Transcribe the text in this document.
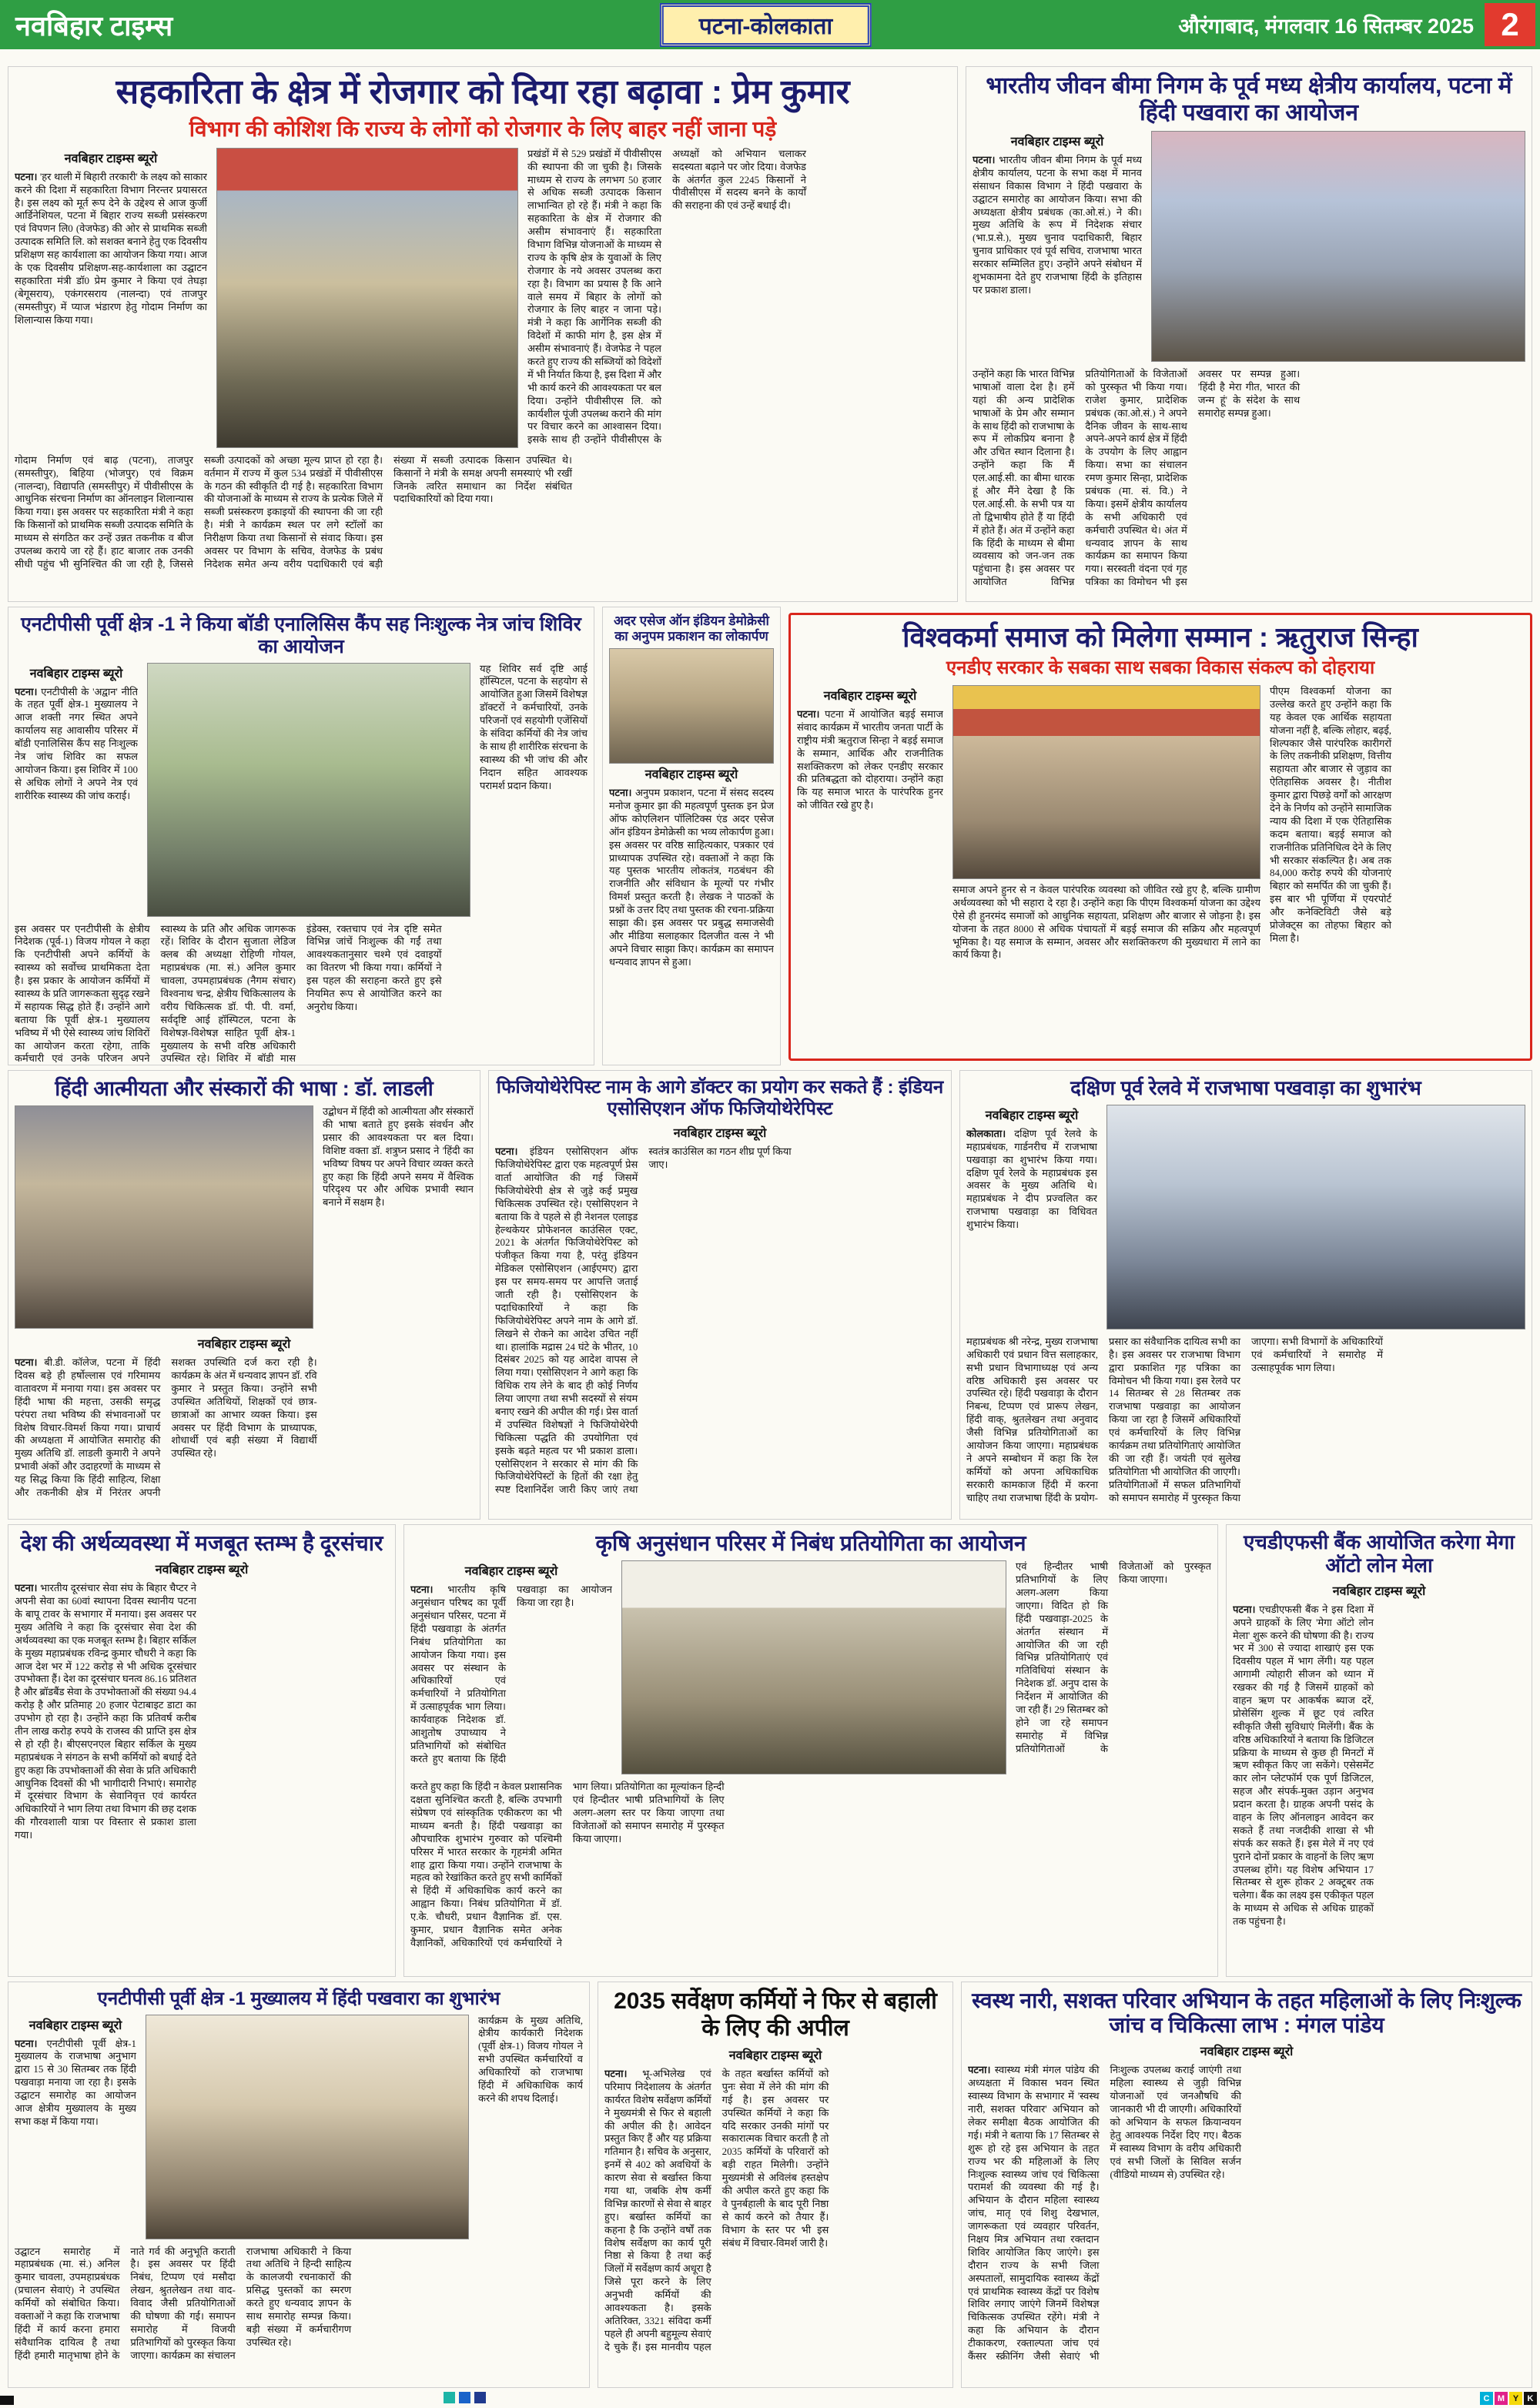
नवबिहार टाइम्स	पटना-कोलकाता	औरंगाबाद, मंगलवार 16 सितम्बर 2025 2
सहकारिता के क्षेत्र में रोजगार को दिया रहा बढ़ावा : प्रेम कुमार
विभाग की कोशिश कि राज्य के लोगों को रोजगार के लिए बाहर नहीं जाना पड़े
नवबिहार टाइम्स ब्यूरो

पटना। 'हर थाली में बिहारी तरकारी' के लक्ष्य को साकार करने की दिशा में सहकारिता विभाग निरन्तर प्रयासरत है। इस लक्ष्य को मूर्त रूप देने के उद्देश्य से आज कुर्जी आर्डिनेशियल, पटना में बिहार राज्य सब्जी प्रसंस्करण एवं विपणन लि0 (वेजफेड) की ओर से प्राथमिक सब्जी उत्पादक समिति लि. को सशक्त बनाने हेतु एक दिवसीय प्रशिक्षण सह कार्यशाला का आयोजन किया गया। आज के एक दिवसीय प्रशिक्षण-सह-कार्यशाला का उद्घाटन सहकारिता मंत्री डॉ0 प्रेम कुमार ने किया एवं तेघड़ा (बेगूसराय), एकंगरसराय (नालन्दा) एवं ताजपुर (समस्तीपुर) में प्याज भंडारण हेतु गोदाम निर्माण का शिलान्यास किया गया।

प्रखंडों में से 529 प्रखंडों में पीवीसीएस की स्थापना की जा चुकी है। जिसके माध्यम से राज्य के लगभग 50 हजार से अधिक सब्जी उत्पादक किसान लाभान्वित हो रहे हैं। मंत्री ने कहा कि सहकारिता के क्षेत्र में रोजगार की असीम संभावनाएं हैं। सहकारिता विभाग विभिन्न योजनाओं के माध्यम से राज्य के कृषि क्षेत्र के युवाओं के लिए रोजगार के नये अवसर उपलब्ध करा रहा है। विभाग का प्रयास है कि आने वाले समय में बिहार के लोगों को रोजगार के लिए बाहर न जाना पड़े। मंत्री ने कहा कि आर्गेनिक सब्जी की विदेशों में काफी मांग है, इस क्षेत्र में असीम संभावनाएं हैं। वेजफेड ने पहल करते हुए राज्य की सब्जियों को विदेशों में भी निर्यात किया है, इस दिशा में और भी कार्य करने की आवश्यकता पर बल दिया। उन्होंने पीवीसीएस लि. को कार्यशील पूंजी उपलब्ध कराने की मांग पर विचार करने का आश्वासन दिया। इसके साथ ही उन्होंने पीवीसीएस के अध्यक्षों को अभियान चलाकर सदस्यता बढ़ाने पर जोर दिया। वेजफेड के अंतर्गत कुल 2245 किसानों ने पीवीसीएस में सदस्य बनने के कार्यों की सराहना की एवं उन्हें बधाई दी।
गोदाम निर्माण एवं बाढ़ (पटना), ताजपुर (समस्तीपुर), बिहिया (भोजपुर) एवं विक्रम (नालन्दा), विद्यापति (समस्तीपुर) में पीवीसीएस के आधुनिक संरचना निर्माण का ऑनलाइन शिलान्यास किया गया। इस अवसर पर सहकारिता मंत्री ने कहा कि किसानों को प्राथमिक सब्जी उत्पादक समिति के माध्यम से संगठित कर उन्हें उन्नत तकनीक व बीज उपलब्ध कराये जा रहे हैं। हाट बाजार तक उनकी सीधी पहुंच भी सुनिश्चित की जा रही है, जिससे सब्जी उत्पादकों को अच्छा मूल्य प्राप्त हो रहा है। वर्तमान में राज्य में कुल 534 प्रखंडों में पीवीसीएस के गठन की स्वीकृति दी गई है। सहकारिता विभाग की योजनाओं के माध्यम से राज्य के प्रत्येक जिले में सब्जी प्रसंस्करण इकाइयों की स्थापना की जा रही है। मंत्री ने कार्यक्रम स्थल पर लगे स्टॉलों का निरीक्षण किया तथा किसानों से संवाद किया। इस अवसर पर विभाग के सचिव, वेजफेड के प्रबंध निदेशक समेत अन्य वरीय पदाधिकारी एवं बड़ी संख्या में सब्जी उत्पादक किसान उपस्थित थे। किसानों ने मंत्री के समक्ष अपनी समस्याएं भी रखीं जिनके त्वरित समाधान का निर्देश संबंधित पदाधिकारियों को दिया गया।
भारतीय जीवन बीमा निगम के पूर्व मध्य क्षेत्रीय कार्यालय, पटना में हिंदी पखवारा का आयोजन
नवबिहार टाइम्स ब्यूरो

पटना। भारतीय जीवन बीमा निगम के पूर्व मध्य क्षेत्रीय कार्यालय, पटना के सभा कक्ष में मानव संसाधन विकास विभाग ने हिंदी पखवारा के उद्घाटन समारोह का आयोजन किया। सभा की अध्यक्षता क्षेत्रीय प्रबंधक (का.ओ.सं.) ने की। मुख्य अतिथि के रूप में निदेशक संचार (भा.प्र.से.), मुख्य चुनाव पदाधिकारी, बिहार चुनाव प्राधिकार एवं पूर्व सचिव, राजभाषा भारत सरकार सम्मिलित हुए। उन्होंने अपने संबोधन में शुभकामना देते हुए राजभाषा हिंदी के इतिहास पर प्रकाश डाला।

उन्होंने कहा कि भारत विभिन्न भाषाओं वाला देश है। हमें यहां की अन्य प्रादेशिक भाषाओं के प्रेम और सम्मान के साथ हिंदी को राजभाषा के रूप में लोकप्रिय बनाना है और उचित स्थान दिलाना है। उन्होंने कहा कि मैं एल.आई.सी. का बीमा धारक हूं और मैंने देखा है कि एल.आई.सी. के सभी पत्र या तो द्विभाषीय होते हैं या हिंदी में होते हैं। अंत में उन्होंने कहा कि हिंदी के माध्यम से बीमा व्यवसाय को जन-जन तक पहुंचाना है। इस अवसर पर आयोजित विभिन्न प्रतियोगिताओं के विजेताओं को पुरस्कृत भी किया गया। राजेश कुमार, प्रादेशिक प्रबंधक (का.ओ.सं.) ने अपने दैनिक जीवन के साथ-साथ अपने-अपने कार्य क्षेत्र में हिंदी के उपयोग के लिए आह्वान किया। सभा का संचालन रमण कुमार सिन्हा, प्रादेशिक प्रबंधक (मा. सं. वि.) ने किया। इसमें क्षेत्रीय कार्यालय के सभी अधिकारी एवं कर्मचारी उपस्थित थे। अंत में धन्यवाद ज्ञापन के साथ कार्यक्रम का समापन किया गया। सरस्वती वंदना एवं गृह पत्रिका का विमोचन भी इस अवसर पर सम्पन्न हुआ। 'हिंदी है मेरा गीत, भारत की जन्म हूं' के संदेश के साथ समारोह सम्पन्न हुआ।
एनटीपीसी पूर्वी क्षेत्र -1 ने किया बॉडी एनालिसिस कैंप सह निःशुल्क नेत्र जांच शिविर का आयोजन
नवबिहार टाइम्स ब्यूरो

पटना। एनटीपीसी के 'अद्वान' नीति के तहत पूर्वी क्षेत्र-1 मुख्यालय ने आज शक्ती नगर स्थित अपने कार्यालय सह आवासीय परिसर में बॉडी एनालिसिस कैंप सह निःशुल्क नेत्र जांच शिविर का सफल आयोजन किया। इस शिविर में 100 से अधिक लोगों ने अपने नेत्र एवं शारीरिक स्वास्थ्य की जांच कराई।

यह शिविर सर्व दृष्टि आई हॉस्पिटल, पटना के सहयोग से आयोजित हुआ जिसमें विशेषज्ञ डॉक्टरों ने कर्मचारियों, उनके परिजनों एवं सहयोगी एजेंसियों के संविदा कर्मियों की नेत्र जांच के साथ ही शारीरिक संरचना के स्वास्थ्य की भी जांच की और निदान सहित आवश्यक परामर्श प्रदान किया।

इस अवसर पर एनटीपीसी के क्षेत्रीय निदेशक (पूर्व-1) विजय गोयल ने कहा कि एनटीपीसी अपने कर्मियों के स्वास्थ्य को सर्वोच्च प्राथमिकता देता है। इस प्रकार के आयोजन कर्मियों में स्वास्थ्य के प्रति जागरूकता सुदृढ़ रखने में सहायक सिद्ध होते हैं। उन्होंने आगे बताया कि पूर्वी क्षेत्र-1 मुख्यालय भविष्य में भी ऐसे स्वास्थ्य जांच शिविरों का आयोजन करता रहेगा, ताकि कर्मचारी एवं उनके परिजन अपने स्वास्थ्य के प्रति और अधिक जागरूक रहें। शिविर के दौरान सुजाता लेडिज क्लब की अध्यक्षा रोहिणी गोयल, महाप्रबंधक (मा. सं.) अनिल कुमार चावला, उपमहाप्रबंधक (नैगम संचार) विश्वनाथ चन्द्र, क्षेत्रीय चिकित्सालय के वरीय चिकित्सक डॉ. पी. पी. वर्मा, सर्वदृष्टि आई हॉस्पिटल, पटना के विशेषज्ञ-विशेषज्ञ साहित पूर्वी क्षेत्र-1 मुख्यालय के सभी वरिष्ठ अधिकारी उपस्थित रहे। शिविर में बॉडी मास इंडेक्स, रक्तचाप एवं नेत्र दृष्टि समेत विभिन्न जांचें निःशुल्क की गईं तथा आवश्यकतानुसार चश्मे एवं दवाइयों का वितरण भी किया गया। कर्मियों ने इस पहल की सराहना करते हुए इसे नियमित रूप से आयोजित करने का अनुरोध किया।
अदर एसेज ऑन इंडियन डेमोक्रेसी का अनुपम प्रकाशन का लोकार्पण
नवबिहार टाइम्स ब्यूरो

पटना। अनुपम प्रकाशन, पटना में संसद सदस्य मनोज कुमार झा की महत्वपूर्ण पुस्तक इन प्रेज ऑफ कोएलिशन पॉलिटिक्स एंड अदर एसेज ऑन इंडियन डेमोक्रेसी का भव्य लोकार्पण हुआ। इस अवसर पर वरिष्ठ साहित्यकार, पत्रकार एवं प्राध्यापक उपस्थित रहे। वक्ताओं ने कहा कि यह पुस्तक भारतीय लोकतंत्र, गठबंधन की राजनीति और संविधान के मूल्यों पर गंभीर विमर्श प्रस्तुत करती है। लेखक ने पाठकों के प्रश्नों के उत्तर दिए तथा पुस्तक की रचना-प्रक्रिया साझा की। इस अवसर पर प्रबुद्ध समाजसेवी और मीडिया सलाहकार दिलजीत वत्स ने भी अपने विचार साझा किए। कार्यक्रम का समापन धन्यवाद ज्ञापन से हुआ।

विश्वकर्मा समाज को मिलेगा सम्मान : ऋतुराज सिन्हा
एनडीए सरकार के सबका साथ सबका विकास संकल्प को दोहराया
नवबिहार टाइम्स ब्यूरो

पटना। पटना में आयोजित बड़ई समाज संवाद कार्यक्रम में भारतीय जनता पार्टी के राष्ट्रीय मंत्री ऋतुराज सिन्हा ने बड़ई समाज के सम्मान, आर्थिक और राजनीतिक सशक्तिकरण को लेकर एनडीए सरकार की प्रतिबद्धता को दोहराया। उन्होंने कहा कि यह समाज भारत के पारंपरिक हुनर को जीवित रखे हुए है।

समाज अपने हुनर से न केवल पारंपरिक व्यवस्था को जीवित रखे हुए है, बल्कि ग्रामीण अर्थव्यवस्था को भी सहारा दे रहा है। उन्होंने कहा कि पीएम विश्वकर्मा योजना का उद्देश्य ऐसे ही हुनरमंद समाजों को आधुनिक सहायता, प्रशिक्षण और बाजार से जोड़ना है। इस योजना के तहत 8000 से अधिक पंचायतों में बड़ई समाज की सक्रिय और महत्वपूर्ण भूमिका है। यह समाज के सम्मान, अवसर और सशक्तिकरण की मुख्यधारा में लाने का कार्य किया है।

पीएम विश्वकर्मा योजना का उल्लेख करते हुए उन्होंने कहा कि यह केवल एक आर्थिक सहायता योजना नहीं है, बल्कि लोहार, बढ़ई, शिल्पकार जैसे पारंपरिक कारीगरों के लिए तकनीकी प्रशिक्षण, वित्तीय सहायता और बाजार से जुड़ाव का ऐतिहासिक अवसर है। नीतीश कुमार द्वारा पिछड़े वर्गों को आरक्षण देने के निर्णय को उन्होंने सामाजिक न्याय की दिशा में एक ऐतिहासिक कदम बताया। बड़ई समाज को राजनीतिक प्रतिनिधित्व देने के लिए भी सरकार संकल्पित है। अब तक 84,000 करोड़ रुपये की योजनाएं बिहार को समर्पित की जा चुकी हैं। इस बार भी पूर्णिया में एयरपोर्ट और कनेक्टिविटी जैसे बड़े प्रोजेक्ट्स का तोहफा बिहार को मिला है।
हिंदी आत्मीयता और संस्कारों की भाषा : डॉ. लाडली

उद्बोधन में हिंदी को आत्मीयता और संस्कारों की भाषा बताते हुए इसके संवर्धन और प्रसार की आवश्यकता पर बल दिया। विशिष्ट वक्ता डॉ. शत्रुघ्न प्रसाद ने 'हिंदी का भविष्य' विषय पर अपने विचार व्यक्त करते हुए कहा कि हिंदी अपने समय में वैश्विक परिदृश्य पर और अधिक प्रभावी स्थान बनाने में सक्षम है।

नवबिहार टाइम्स ब्यूरो

पटना। बी.डी. कॉलेज, पटना में हिंदी दिवस बड़े ही हर्षोल्लास एवं गरिमामय वातावरण में मनाया गया। इस अवसर पर हिंदी भाषा की महत्ता, उसकी समृद्ध परंपरा तथा भविष्य की संभावनाओं पर विशेष विचार-विमर्श किया गया। प्राचार्य की अध्यक्षता में आयोजित समारोह की मुख्य अतिथि डॉ. लाडली कुमारी ने अपने प्रभावी अंकों और उदाहरणों के माध्यम से यह सिद्ध किया कि हिंदी साहित्य, शिक्षा और तकनीकी क्षेत्र में निरंतर अपनी सशक्त उपस्थिति दर्ज करा रही है। कार्यक्रम के अंत में धन्यवाद ज्ञापन डॉ. रवि कुमार ने प्रस्तुत किया। उन्होंने सभी उपस्थित अतिथियों, शिक्षकों एवं छात्र-छात्राओं का आभार व्यक्त किया। इस अवसर पर हिंदी विभाग के प्राध्यापक, शोधार्थी एवं बड़ी संख्या में विद्यार्थी उपस्थित रहे।

फिजियोथेरेपिस्ट नाम के आगे डॉक्टर का प्रयोग कर सकते हैं : इंडियन एसोसिएशन ऑफ फिजियोथेरेपिस्ट
नवबिहार टाइम्स ब्यूरो

पटना। इंडियन एसोसिएशन ऑफ फिजियोथेरेपिस्ट द्वारा एक महत्वपूर्ण प्रेस वार्ता आयोजित की गई जिसमें फिजियोथेरेपी क्षेत्र से जुड़े कई प्रमुख चिकित्सक उपस्थित रहे। एसोसिएशन ने बताया कि वे पहले से ही नेशनल एलाइड हेल्थकेयर प्रोफेशनल काउंसिल एक्ट, 2021 के अंतर्गत फिजियोथेरेपिस्ट को पंजीकृत किया गया है, परंतु इंडियन मेडिकल एसोसिएशन (आईएमए) द्वारा इस पर समय-समय पर आपत्ति जताई जाती रही है। एसोसिएशन के पदाधिकारियों ने कहा कि फिजियोथेरेपिस्ट अपने नाम के आगे डॉ. लिखने से रोकने का आदेश उचित नहीं था। हालांकि मद्रास 24 घंटे के भीतर, 10 दिसंबर 2025 को यह आदेश वापस ले लिया गया। एसोसिएशन ने आगे कहा कि विधिक राय लेने के बाद ही कोई निर्णय लिया जाएगा तथा सभी सदस्यों से संयम बनाए रखने की अपील की गई। प्रेस वार्ता में उपस्थित विशेषज्ञों ने फिजियोथेरेपी चिकित्सा पद्धति की उपयोगिता एवं इसके बढ़ते महत्व पर भी प्रकाश डाला। एसोसिएशन ने सरकार से मांग की कि फिजियोथेरेपिस्टों के हितों की रक्षा हेतु स्पष्ट दिशानिर्देश जारी किए जाएं तथा स्वतंत्र काउंसिल का गठन शीघ्र पूर्ण किया जाए।

दक्षिण पूर्व रेलवे में राजभाषा पखवाड़ा का शुभारंभ
नवबिहार टाइम्स ब्यूरो

कोलकाता। दक्षिण पूर्व रेलवे के महाप्रबंधक, गार्डनरीच में राजभाषा पखवाड़ा का शुभारंभ किया गया। दक्षिण पूर्व रेलवे के महाप्रबंधक इस अवसर के मुख्य अतिथि थे। महाप्रबंधक ने दीप प्रज्वलित कर राजभाषा पखवाड़ा का विधिवत शुभारंभ किया।

महाप्रबंधक श्री नरेन्द्र, मुख्य राजभाषा अधिकारी एवं प्रधान वित्त सलाहकार, सभी प्रधान विभागाध्यक्ष एवं अन्य वरिष्ठ अधिकारी इस अवसर पर उपस्थित रहे। हिंदी पखवाड़ा के दौरान निबन्ध, टिप्पण एवं प्रारूप लेखन, हिंदी वाक्, श्रुतलेखन तथा अनुवाद जैसी विभिन्न प्रतियोगिताओं का आयोजन किया जाएगा। महाप्रबंधक ने अपने सम्बोधन में कहा कि रेल कर्मियों को अपना अधिकाधिक सरकारी कामकाज हिंदी में करना चाहिए तथा राजभाषा हिंदी के प्रयोग-प्रसार का संवैधानिक दायित्व सभी का है। इस अवसर पर राजभाषा विभाग द्वारा प्रकाशित गृह पत्रिका का विमोचन भी किया गया। इस रेलवे पर 14 सितम्बर से 28 सितम्बर तक राजभाषा पखवाड़ा का आयोजन किया जा रहा है जिसमें अधिकारियों एवं कर्मचारियों के लिए विभिन्न कार्यक्रम तथा प्रतियोगिताएं आयोजित की जा रही हैं। जयंती एवं सुलेख प्रतियोगिता भी आयोजित की जाएगी। प्रतियोगिताओं में सफल प्रतिभागियों को समापन समारोह में पुरस्कृत किया जाएगा। सभी विभागों के अधिकारियों एवं कर्मचारियों ने समारोह में उत्साहपूर्वक भाग लिया।
देश की अर्थव्यवस्था में मजबूत स्तम्भ है दूरसंचार
नवबिहार टाइम्स ब्यूरो

पटना। भारतीय दूरसंचार सेवा संघ के बिहार चैप्टर ने अपनी सेवा का 60वां स्थापना दिवस स्थानीय पटना के बापू टावर के सभागार में मनाया। इस अवसर पर मुख्य अतिथि ने कहा कि दूरसंचार सेवा देश की अर्थव्यवस्था का एक मजबूत स्तम्भ है। बिहार सर्किल के मुख्य महाप्रबंधक रविन्द्र कुमार चौधरी ने कहा कि आज देश भर में 122 करोड़ से भी अधिक दूरसंचार उपभोक्ता हैं। देश का दूरसंचार घनत्व 86.16 प्रतिशत है और ब्रॉडबैंड सेवा के उपभोक्ताओं की संख्या 94.4 करोड़ है और प्रतिमाह 20 हजार पेटाबाइट डाटा का उपभोग हो रहा है। उन्होंने कहा कि प्रतिवर्ष करीब तीन लाख करोड़ रुपये के राजस्व की प्राप्ति इस क्षेत्र से हो रही है। बीएसएनएल बिहार सर्किल के मुख्य महाप्रबंधक ने संगठन के सभी कर्मियों को बधाई देते हुए कहा कि उपभोक्ताओं की सेवा के प्रति अधिकारी आधुनिक दिवसों की भी भागीदारी निभाएं। समारोह में दूरसंचार विभाग के सेवानिवृत्त एवं कार्यरत अधिकारियों ने भाग लिया तथा विभाग की छह दशक की गौरवशाली यात्रा पर विस्तार से प्रकाश डाला गया।

कृषि अनुसंधान परिसर में निबंध प्रतियोगिता का आयोजन
नवबिहार टाइम्स ब्यूरो

पटना। भारतीय कृषि अनुसंधान परिषद का पूर्वी अनुसंधान परिसर, पटना में हिंदी पखवाड़ा के अंतर्गत निबंध प्रतियोगिता का आयोजन किया गया। इस अवसर पर संस्थान के अधिकारियों एवं कर्मचारियों ने प्रतियोगिता में उत्साहपूर्वक भाग लिया। कार्यवाहक निदेशक डॉ. आशुतोष उपाध्याय ने प्रतिभागियों को संबोधित करते हुए बताया कि हिंदी पखवाड़ा का आयोजन किया जा रहा है।

एवं हिन्दीतर भाषी प्रतिभागियों के लिए अलग-अलग किया जाएगा। विदित हो कि हिंदी पखवाड़ा-2025 के अंतर्गत संस्थान में आयोजित की जा रही विभिन्न प्रतियोगिताएं एवं गतिविधियां संस्थान के निदेशक डॉ. अनुप दास के निर्देशन में आयोजित की जा रही हैं। 29 सितम्बर को होने जा रहे समापन समारोह में विभिन्न प्रतियोगिताओं के विजेताओं को पुरस्कृत किया जाएगा।
करते हुए कहा कि हिंदी न केवल प्रशासनिक दक्षता सुनिश्चित करती है, बल्कि उपभागी संप्रेषण एवं सांस्कृतिक एकीकरण का भी माध्यम बनती है। हिंदी पखवाड़ा का औपचारिक शुभारंभ गुरुवार को पश्चिमी परिसर में भारत सरकार के गृहमंत्री अमित शाह द्वारा किया गया। उन्होंने राजभाषा के महत्व को रेखांकित करते हुए सभी कार्मिकों से हिंदी में अधिकाधिक कार्य करने का आह्वान किया। निबंध प्रतियोगिता में डॉ. ए.के. चौधरी, प्रधान वैज्ञानिक डॉ. एस. कुमार, प्रधान वैज्ञानिक समेत अनेक वैज्ञानिकों, अधिकारियों एवं कर्मचारियों ने भाग लिया। प्रतियोगिता का मूल्यांकन हिन्दी एवं हिन्दीतर भाषी प्रतिभागियों के लिए अलग-अलग स्तर पर किया जाएगा तथा विजेताओं को समापन समारोह में पुरस्कृत किया जाएगा।
एचडीएफसी बैंक आयोजित करेगा मेगा ऑटो लोन मेला
नवबिहार टाइम्स ब्यूरो

पटना। एचडीएफसी बैंक ने इस दिशा में अपने ग्राहकों के लिए 'मेगा ऑटो लोन मेला' शुरू करने की घोषणा की है। राज्य भर में 300 से ज्यादा शाखाएं इस एक दिवसीय पहल में भाग लेंगी। यह पहल आगामी त्योहारी सीजन को ध्यान में रखकर की गई है जिसमें ग्राहकों को वाहन ऋण पर आकर्षक ब्याज दरें, प्रोसेसिंग शुल्क में छूट एवं त्वरित स्वीकृति जैसी सुविधाएं मिलेंगी। बैंक के वरिष्ठ अधिकारियों ने बताया कि डिजिटल प्रक्रिया के माध्यम से कुछ ही मिनटों में ऋण स्वीकृत किए जा सकेंगे। एसेसमेंट कार लोन प्लेटफॉर्म एक पूर्ण डिजिटल, सहज और संपर्क-मुक्त उड़ान अनुभव प्रदान करता है। ग्राहक अपनी पसंद के वाहन के लिए ऑनलाइन आवेदन कर सकते हैं तथा नजदीकी शाखा से भी संपर्क कर सकते हैं। इस मेले में नए एवं पुराने दोनों प्रकार के वाहनों के लिए ऋण उपलब्ध होंगे। यह विशेष अभियान 17 सितम्बर से शुरू होकर 2 अक्टूबर तक चलेगा। बैंक का लक्ष्य इस एकीकृत पहल के माध्यम से अधिक से अधिक ग्राहकों तक पहुंचना है।

एनटीपीसी पूर्वी क्षेत्र -1 मुख्यालय में हिंदी पखवारा का शुभारंभ
नवबिहार टाइम्स ब्यूरो

पटना। एनटीपीसी पूर्वी क्षेत्र-1 मुख्यालय के राजभाषा अनुभाग द्वारा 15 से 30 सितम्बर तक हिंदी पखवाड़ा मनाया जा रहा है। इसके उद्घाटन समारोह का आयोजन आज क्षेत्रीय मुख्यालय के मुख्य सभा कक्ष में किया गया।

कार्यक्रम के मुख्य अतिथि, क्षेत्रीय कार्यकारी निदेशक (पूर्वी क्षेत्र-1) विजय गोयल ने सभी उपस्थित कर्मचारियों व अधिकारियों को राजभाषा हिंदी में अधिकाधिक कार्य करने की शपथ दिलाई।

उद्घाटन समारोह में महाप्रबंधक (मा. सं.) अनिल कुमार चावला, उपमहाप्रबंधक (प्रचालन सेवाएं) ने उपस्थित कर्मियों को संबोधित किया। वक्ताओं ने कहा कि राजभाषा हिंदी में कार्य करना हमारा संवैधानिक दायित्व है तथा हिंदी हमारी मातृभाषा होने के नाते गर्व की अनुभूति कराती है। इस अवसर पर हिंदी निबंध, टिप्पण एवं मसौदा लेखन, श्रुतलेखन तथा वाद-विवाद जैसी प्रतियोगिताओं की घोषणा की गई। समापन समारोह में विजयी प्रतिभागियों को पुरस्कृत किया जाएगा। कार्यक्रम का संचालन राजभाषा अधिकारी ने किया तथा अतिथि ने हिन्दी साहित्य के कालजयी रचनाकारों की प्रसिद्ध पुस्तकों का स्मरण करते हुए धन्यवाद ज्ञापन के साथ समारोह सम्पन्न किया। बड़ी संख्या में कर्मचारीगण उपस्थित रहे।
2035 सर्वेक्षण कर्मियों ने फिर से बहाली के लिए की अपील
नवबिहार टाइम्स ब्यूरो

पटना। भू-अभिलेख एवं परिमाप निदेशालय के अंतर्गत कार्यरत विशेष सर्वेक्षण कर्मियों ने मुख्यमंत्री से फिर से बहाली की अपील की है। आवेदन प्रस्तुत किए हैं और यह प्रक्रिया गतिमान है। सचिव के अनुसार, इनमें से 402 को अवधियों के कारण सेवा से बर्खास्त किया गया था, जबकि शेष कर्मी विभिन्न कारणों से सेवा से बाहर हुए। बर्खास्त कर्मियों का कहना है कि उन्होंने वर्षों तक विशेष सर्वेक्षण का कार्य पूरी निष्ठा से किया है तथा कई जिलों में सर्वेक्षण कार्य अधूरा है जिसे पूरा करने के लिए अनुभवी कर्मियों की आवश्यकता है। इसके अतिरिक्त, 3321 संविदा कर्मी पहले ही अपनी बहुमूल्य सेवाएं दे चुके हैं। इस मानवीय पहल के तहत बर्खास्त कर्मियों को पुनः सेवा में लेने की मांग की गई है। इस अवसर पर उपस्थित कर्मियों ने कहा कि यदि सरकार उनकी मांगों पर सकारात्मक विचार करती है तो 2035 कर्मियों के परिवारों को बड़ी राहत मिलेगी। उन्होंने मुख्यमंत्री से अविलंब हस्तक्षेप की अपील करते हुए कहा कि वे पुनर्बहाली के बाद पूरी निष्ठा से कार्य करने को तैयार हैं। विभाग के स्तर पर भी इस संबंध में विचार-विमर्श जारी है।

स्वस्थ नारी, सशक्त परिवार अभियान के तहत महिलाओं के लिए निःशुल्क जांच व चिकित्सा लाभ : मंगल पांडेय
नवबिहार टाइम्स ब्यूरो

पटना। स्वास्थ्य मंत्री मंगल पांडेय की अध्यक्षता में विकास भवन स्थित स्वास्थ्य विभाग के सभागार में 'स्वस्थ नारी, सशक्त परिवार' अभियान को लेकर समीक्षा बैठक आयोजित की गई। मंत्री ने बताया कि 17 सितम्बर से शुरू हो रहे इस अभियान के तहत राज्य भर की महिलाओं के लिए निःशुल्क स्वास्थ्य जांच एवं चिकित्सा परामर्श की व्यवस्था की गई है। अभियान के दौरान महिला स्वास्थ्य जांच, मातृ एवं शिशु देखभाल, जागरूकता एवं व्यवहार परिवर्तन, निक्षय मित्र अभियान तथा रक्तदान शिविर आयोजित किए जाएंगे। इस दौरान राज्य के सभी जिला अस्पतालों, सामुदायिक स्वास्थ्य केंद्रों एवं प्राथमिक स्वास्थ्य केंद्रों पर विशेष शिविर लगाए जाएंगे जिनमें विशेषज्ञ चिकित्सक उपस्थित रहेंगे। मंत्री ने कहा कि अभियान के दौरान टीकाकरण, रक्ताल्पता जांच एवं कैंसर स्क्रीनिंग जैसी सेवाएं भी निःशुल्क उपलब्ध कराई जाएंगी तथा महिला स्वास्थ्य से जुड़ी विभिन्न योजनाओं एवं जनऔषधि की जानकारी भी दी जाएगी। अधिकारियों को अभियान के सफल क्रियान्वयन हेतु आवश्यक निर्देश दिए गए। बैठक में स्वास्थ्य विभाग के वरीय अधिकारी एवं सभी जिलों के सिविल सर्जन (वीडियो माध्यम से) उपस्थित रहे।

C M Y	K
